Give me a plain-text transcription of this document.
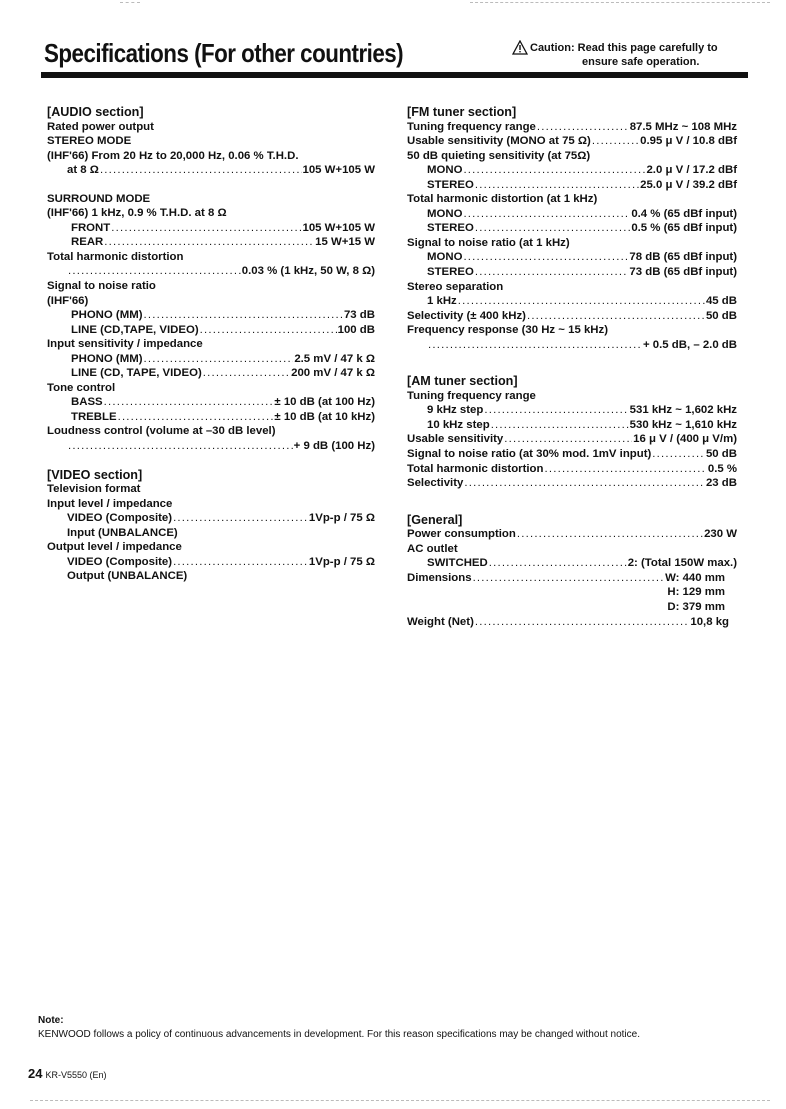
Specifications (For other countries)	Caution: Read this page carefully to
ensure safe operation.
[AUDIO section]
Rated power output
STEREO MODE
(IHF'66) From 20 Hz to 20,000 Hz, 0.06 % T.H.D.
at 8 Ω .....	105 W+105 W
SURROUND MODE
(IHF'66) 1 kHz, 0.9 % T.H.D. at 8 Ω
FRONT .....	105 W+105 W
REAR .....	15 W+15 W
Total harmonic distortion
.....
0.03 % (1 kHz, 50 W, 8 Ω)
Signal to noise ratio
(IHF'66)
PHONO (MM) .....	73 dB
LINE (CD,TAPE, VIDEO) .....	100 dB
Input sensitivity / impedance
PHONO (MM) .....	2.5 mV / 47 k Ω
LINE (CD, TAPE, VIDEO) .....	200 mV / 47 k Ω
Tone control
BASS .....	± 10 dB (at 100 Hz)
TREBLE .....	± 10 dB (at 10 kHz)
Loudness control (volume at –30 dB level)
.....
+ 9 dB (100 Hz)
[VIDEO section]
Television format
Input level / impedance
VIDEO (Composite) .....	1Vp-p / 75 Ω
Input (UNBALANCE)
Output level / impedance
VIDEO (Composite) .....	1Vp-p / 75 Ω
Output (UNBALANCE)
[FM tuner section]
Tuning frequency range .....	87.5 MHz ~ 108 MHz
Usable sensitivity (MONO at 75 Ω) .....	0.95 μ V / 10.8 dBf
50 dB quieting sensitivity (at 75Ω)
MONO .....	2.0 μ V / 17.2 dBf
STEREO .....	25.0 μ V / 39.2 dBf
Total harmonic distortion (at 1 kHz)
MONO .....	0.4 % (65 dBf input)
STEREO .....	0.5 % (65 dBf input)
Signal to noise ratio (at 1 kHz)
MONO .....	78 dB (65 dBf input)
STEREO .....	73 dB (65 dBf input)
Stereo separation
1 kHz .....	45 dB
Selectivity (± 400 kHz) .....	50 dB
Frequency response (30 Hz ~ 15 kHz)
.....
+ 0.5 dB, – 2.0 dB
[AM tuner section]
Tuning frequency range
9 kHz step .....	531 kHz ~ 1,602 kHz
10 kHz step .....	530 kHz ~ 1,610 kHz
Usable sensitivity .....	16 μ V / (400 μ V/m)
Signal to noise ratio (at 30% mod. 1mV input) .....	50 dB
Total harmonic distortion .....	0.5 %
Selectivity .....	23 dB
[General]
Power consumption .....	230 W
AC outlet
SWITCHED .....	2: (Total 150W max.)
Dimensions .....	W: 440 mm
H: 129 mm
D: 379 mm
Weight (Net) .....	10,8 kg
Note:
KENWOOD follows a policy of continuous advancements in development. For this reason specifications may be changed without notice.
24 KR-V5550 (En)
